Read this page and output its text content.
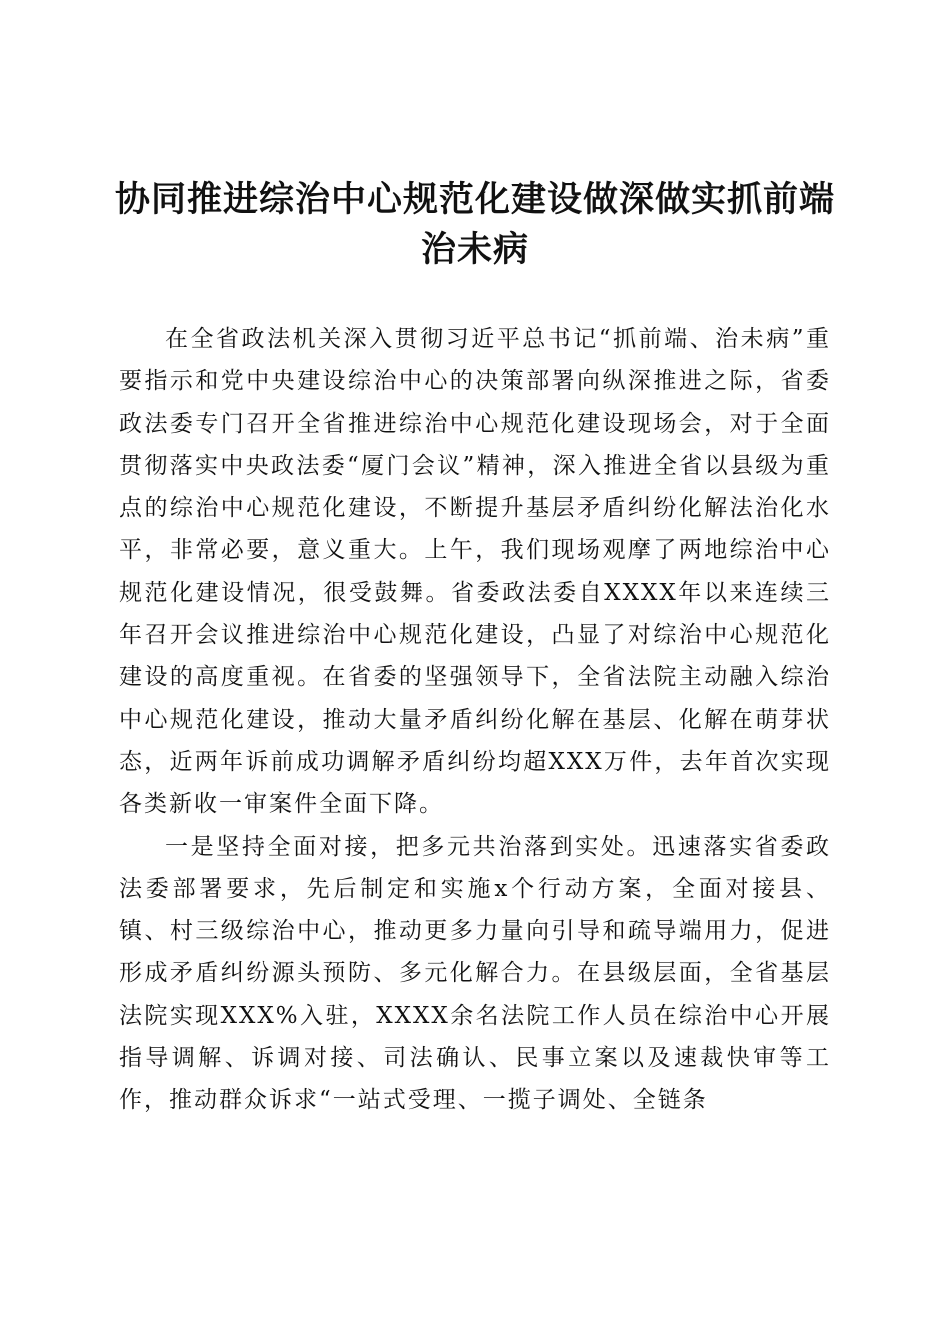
协同推进综治中心规范化建设做深做实抓前端治未病

在全省政法机关深入贯彻习近平总书记“抓前端、治未病”重要指示和党中央建设综治中心的决策部署向纵深推进之际，省委政法委专门召开全省推进综治中心规范化建设现场会，对于全面贯彻落实中央政法委“厦门会议”精神，深入推进全省以县级为重点的综治中心规范化建设，不断提升基层矛盾纠纷化解法治化水平，非常必要，意义重大。上午，我们现场观摩了两地综治中心规范化建设情况，很受鼓舞。省委政法委自XXXX年以来连续三年召开会议推进综治中心规范化建设，凸显了对综治中心规范化建设的高度重视。在省委的坚强领导下，全省法院主动融入综治中心规范化建设，推动大量矛盾纠纷化解在基层、化解在萌芽状态，近两年诉前成功调解矛盾纠纷均超XXX万件，去年首次实现各类新收一审案件全面下降。

一是坚持全面对接，把多元共治落到实处。迅速落实省委政法委部署要求，先后制定和实施x个行动方案，全面对接县、镇、村三级综治中心，推动更多力量向引导和疏导端用力，促进形成矛盾纠纷源头预防、多元化解合力。在县级层面，全省基层法院实现XXX%入驻，XXXX余名法院工作人员在综治中心开展指导调解、诉调对接、司法确认、民事立案以及速裁快审等工作，推动群众诉求“一站式受理、一揽子调处、全链条
